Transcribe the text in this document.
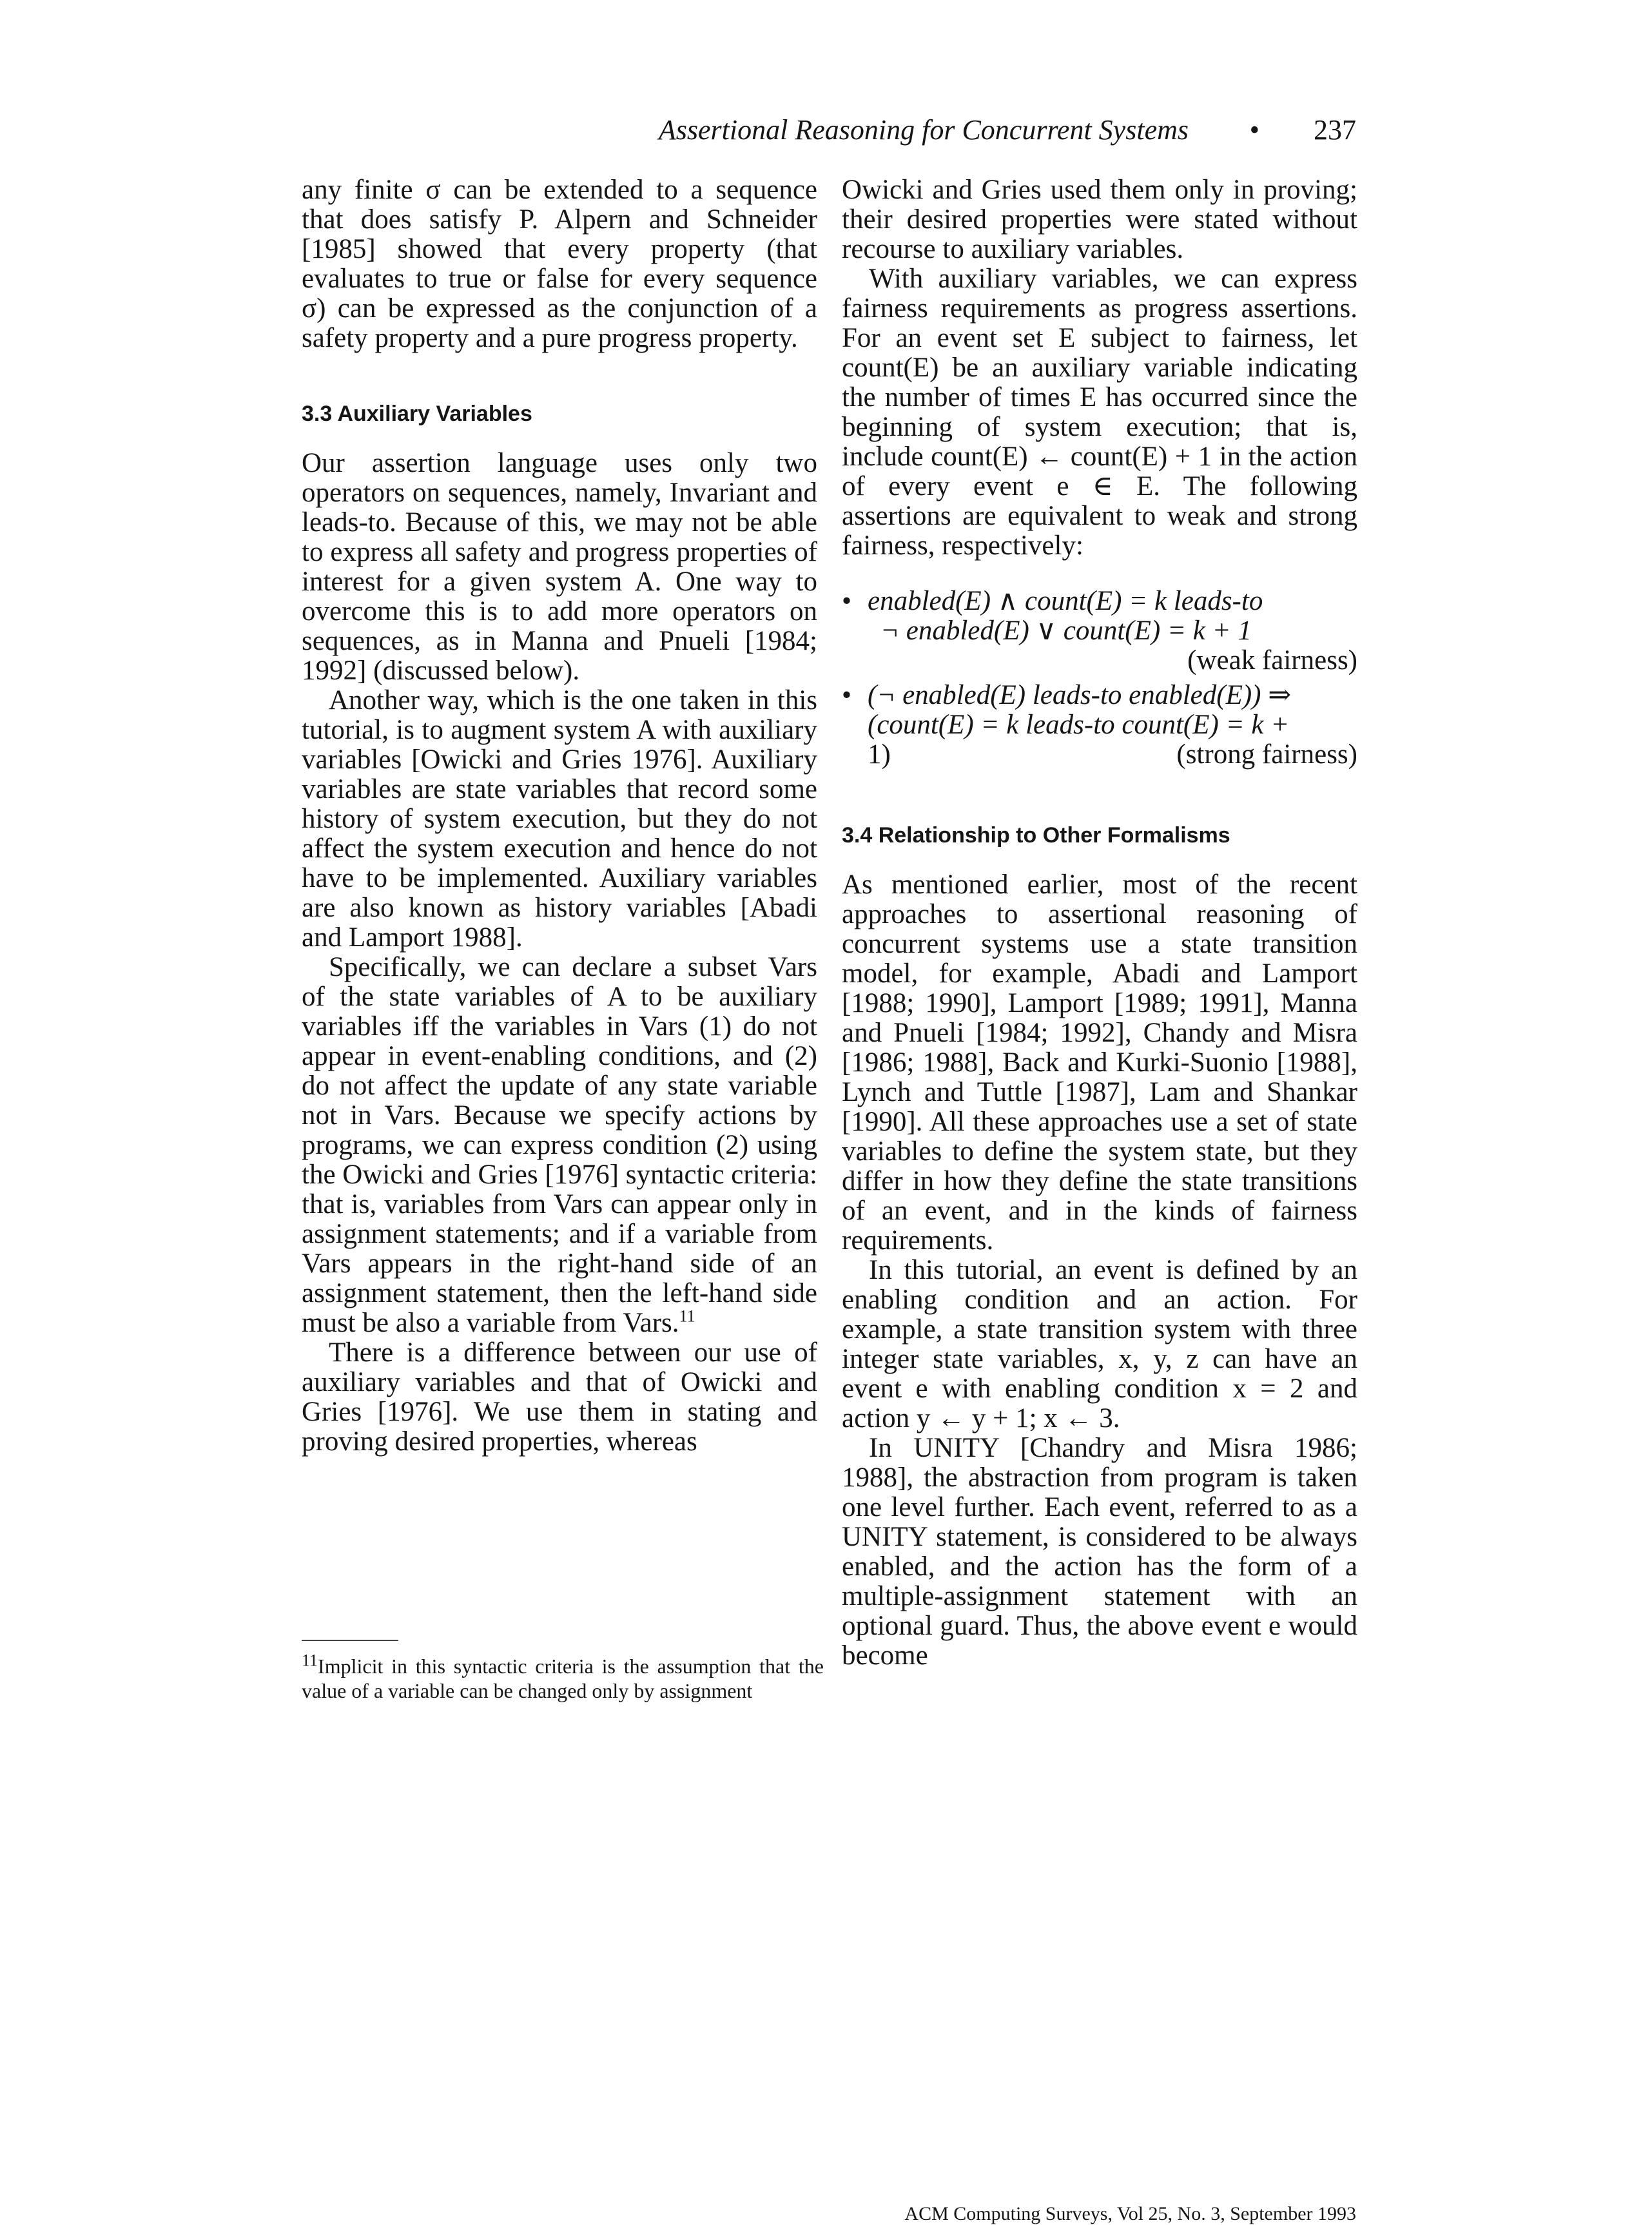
Assertional Reasoning for Concurrent Systems • 237

any finite σ can be extended to a sequence that does satisfy P. Alpern and Schneider [1985] showed that every property (that evaluates to true or false for every sequence σ) can be expressed as the conjunction of a safety property and a pure progress property.

3.3 Auxiliary Variables

Our assertion language uses only two operators on sequences, namely, Invariant and leads-to. Because of this, we may not be able to express all safety and progress properties of interest for a given system A. One way to overcome this is to add more operators on sequences, as in Manna and Pnueli [1984; 1992] (discussed below).

Another way, which is the one taken in this tutorial, is to augment system A with auxiliary variables [Owicki and Gries 1976]. Auxiliary variables are state variables that record some history of system execution, but they do not affect the system execution and hence do not have to be implemented. Auxiliary variables are also known as history variables [Abadi and Lamport 1988].

Specifically, we can declare a subset Vars of the state variables of A to be auxiliary variables iff the variables in Vars (1) do not appear in event-enabling conditions, and (2) do not affect the update of any state variable not in Vars. Because we specify actions by programs, we can express condition (2) using the Owicki and Gries [1976] syntactic criteria: that is, variables from Vars can appear only in assignment statements; and if a variable from Vars appears in the right-hand side of an assignment statement, then the left-hand side must be also a variable from Vars.$^{11}$

There is a difference between our use of auxiliary variables and that of Owicki and Gries [1976]. We use them in stating and proving desired properties, whereas

Owicki and Gries used them only in proving; their desired properties were stated without recourse to auxiliary variables.

With auxiliary variables, we can express fairness requirements as progress assertions. For an event set E subject to fairness, let count(E) be an auxiliary variable indicating the number of times E has occurred since the beginning of system execution; that is, include count(E) ← count(E) + 1 in the action of every event e ∈ E. The following assertions are equivalent to weak and strong fairness, respectively:

• enabled(E) ∧ count(E) = k leads-to
¬ enabled(E) ∨ count(E) = k + 1
(weak fairness)
• (¬ enabled(E) leads-to enabled(E)) ⇒
(count(E) = k leads-to count(E) = k +
1)	(strong fairness)
3.4 Relationship to Other Formalisms

As mentioned earlier, most of the recent approaches to assertional reasoning of concurrent systems use a state transition model, for example, Abadi and Lamport [1988; 1990], Lamport [1989; 1991], Manna and Pnueli [1984; 1992], Chandy and Misra [1986; 1988], Back and Kurki-Suonio [1988], Lynch and Tuttle [1987], Lam and Shankar [1990]. All these approaches use a set of state variables to define the system state, but they differ in how they define the state transitions of an event, and in the kinds of fairness requirements.

In this tutorial, an event is defined by an enabling condition and an action. For example, a state transition system with three integer state variables, x, y, z can have an event e with enabling condition x = 2 and action y ← y + 1; x ← 3.

In UNITY [Chandry and Misra 1986; 1988], the abstraction from program is taken one level further. Each event, referred to as a UNITY statement, is considered to be always enabled, and the action has the form of a multiple-assignment statement with an optional guard. Thus, the above event e would become

$^{11}$Implicit in this syntactic criteria is the assumption that the value of a variable can be changed only by assignment
ACM Computing Surveys, Vol 25, No. 3, September 1993
